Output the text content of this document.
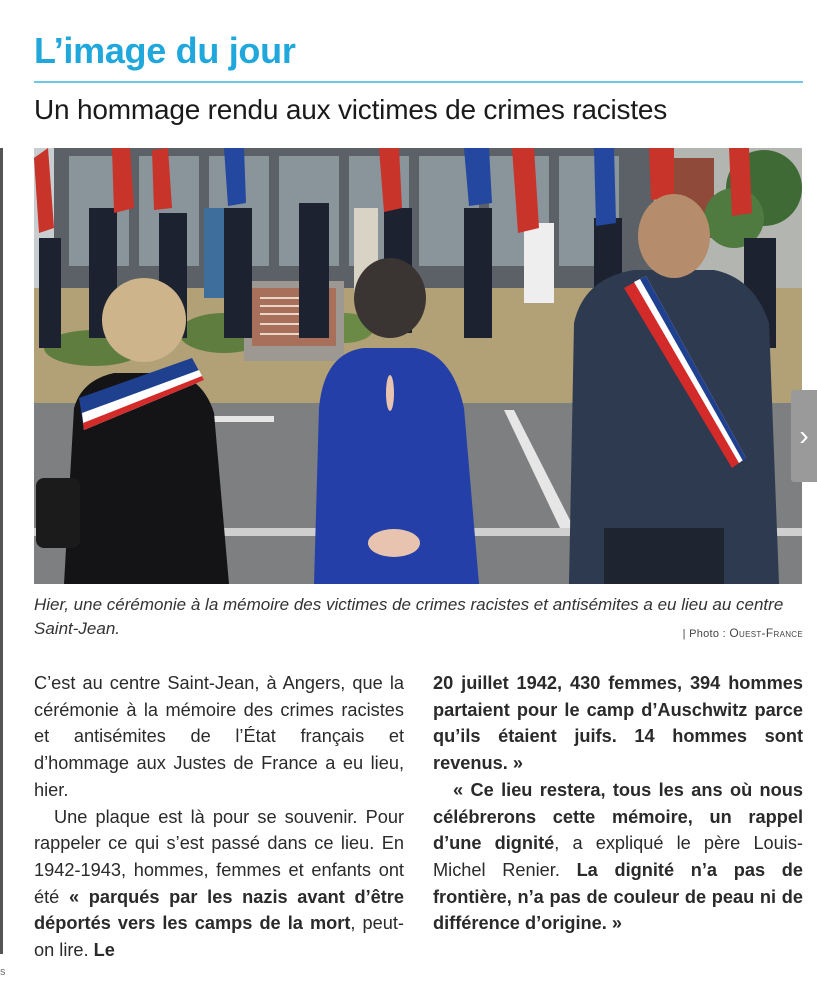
s
L’image du jour
Un hommage rendu aux victimes de crimes racistes
›
Hier, une cérémonie à la mémoire des victimes de crimes racistes et antisémites a eu lieu au centre Saint-Jean.	| Photo : Ouest-France

C’est au centre Saint-Jean, à Angers, que la cérémonie à la mémoire des crimes racistes et antisémites de l’État français et d’hommage aux Justes de France a eu lieu, hier.

Une plaque est là pour se souvenir. Pour rappeler ce qui s’est passé dans ce lieu. En 1942-1943, hommes, femmes et enfants ont été « parqués par les nazis avant d’être déportés vers les camps de la mort, peut-on lire. Le

20 juillet 1942, 430 femmes, 394 hommes partaient pour le camp d’Auschwitz parce qu’ils étaient juifs. 14 hommes sont revenus. »

« Ce lieu restera, tous les ans où nous célébrerons cette mémoire, un rappel d’une dignité, a expliqué le père Louis-Michel Renier. La dignité n’a pas de frontière, n’a pas de couleur de peau ni de différence d’origine. »
